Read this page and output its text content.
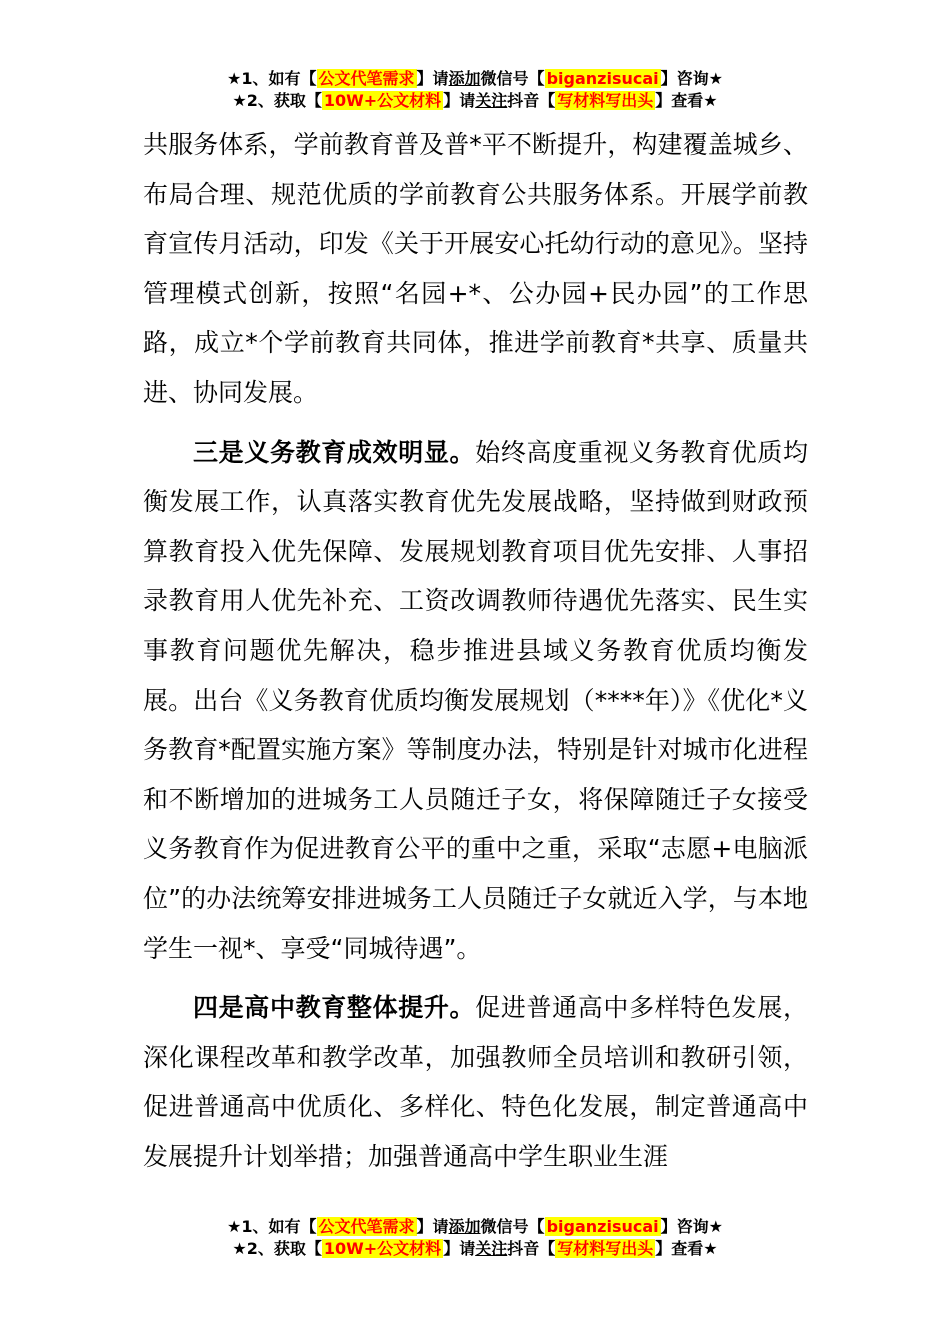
★1、如有【 公文代笔需求 】请添加微信号【 biganzisucai 】咨询★
★2、获取【 10W+公文材料 】请关注抖音【 写材料写出头 】查看★

共服务体系，学前教育普及普*平不断提升，构建覆盖城乡、布局合理、规范优质的学前教育公共服务体系。开展学前教育宣传月活动，印发《关于开展安心托幼行动的意见》。坚持管理模式创新，按照“名园+*、公办园+民办园”的工作思路，成立*个学前教育共同体，推进学前教育*共享、质量共进、协同发展。

三是义务教育成效明显。始终高度重视义务教育优质均衡发展工作，认真落实教育优先发展战略，坚持做到财政预算教育投入优先保障、发展规划教育项目优先安排、人事招录教育用人优先补充、工资改调教师待遇优先落实、民生实事教育问题优先解决，稳步推进县域义务教育优质均衡发展。出台《义务教育优质均衡发展规划（****年）》《优化*义务教育*配置实施方案》等制度办法，特别是针对城市化进程和不断增加的进城务工人员随迁子女，将保障随迁子女接受义务教育作为促进教育公平的重中之重，采取“志愿+电脑派位”的办法统筹安排进城务工人员随迁子女就近入学，与本地学生一视*、享受“同城待遇”。

四是高中教育整体提升。促进普通高中多样特色发展，深化课程改革和教学改革，加强教师全员培训和教研引领，促进普通高中优质化、多样化、特色化发展，制定普通高中发展提升计划举措；加强普通高中学生职业生涯

★1、如有【 公文代笔需求 】请添加微信号【 biganzisucai 】咨询★
★2、获取【 10W+公文材料 】请关注抖音【 写材料写出头 】查看★
